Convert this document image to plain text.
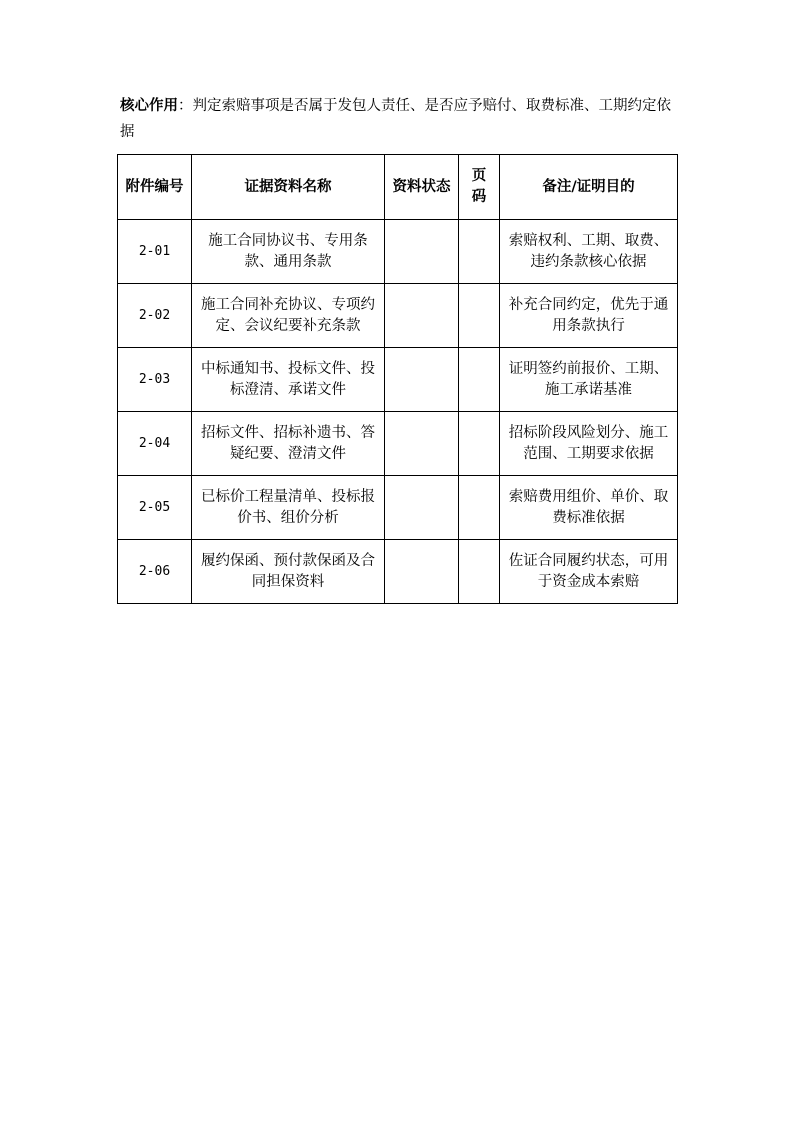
核心作用：判定索赔事项是否属于发包人责任、是否应予赔付、取费标准、工期约定依据
附件编号	证据资料名称	资料状态	页码	备注/证明目的
2-01	施工合同协议书、专用条款、通用条款			索赔权利、工期、取费、违约条款核心依据
2-02	施工合同补充协议、专项约定、会议纪要补充条款			补充合同约定，优先于通用条款执行
2-03	中标通知书、投标文件、投标澄清、承诺文件			证明签约前报价、工期、施工承诺基准
2-04	招标文件、招标补遗书、答疑纪要、澄清文件			招标阶段风险划分、施工范围、工期要求依据
2-05	已标价工程量清单、投标报价书、组价分析			索赔费用组价、单价、取费标准依据
2-06	履约保函、预付款保函及合同担保资料			佐证合同履约状态，可用于资金成本索赔
